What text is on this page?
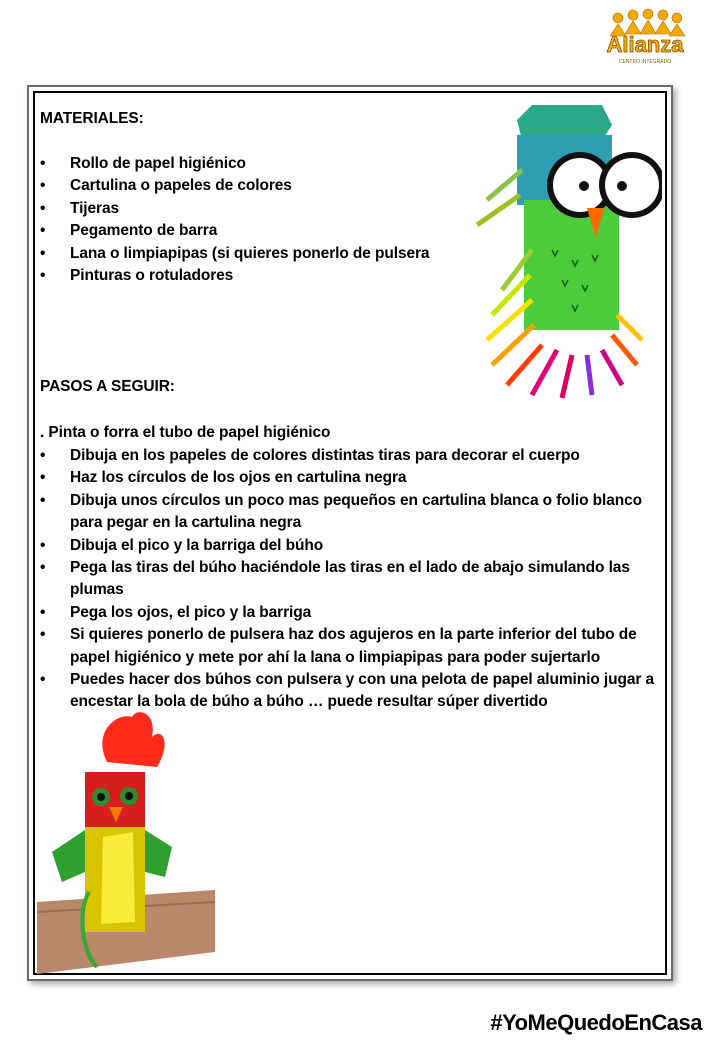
Alianza
CENTRO INTEGRADO
MATERIALES:
• Rollo de papel higiénico
• Cartulina o papeles de colores
• Tijeras
• Pegamento de barra
• Lana o limpiapipas (si quieres ponerlo de pulsera
• Pinturas o rotuladores
PASOS A SEGUIR:
. Pinta o forra el tubo de papel higiénico
• Dibuja en los papeles de colores distintas tiras para decorar el cuerpo
• Haz los círculos de los ojos en cartulina negra
• Dibuja unos círculos un poco mas pequeños en cartulina blanca o folio blanco para pegar en la cartulina negra
• Dibuja el pico y la barriga del búho
• Pega las tiras del búho haciéndole las tiras en el lado de abajo simulando las plumas
• Pega los ojos, el pico y la barriga
• Si quieres ponerlo de pulsera haz dos agujeros en la parte inferior del tubo de papel higiénico y mete por ahí la lana o limpiapipas para poder sujertarlo
• Puedes hacer dos búhos con pulsera y con una pelota de papel aluminio jugar a encestar la bola de búho a búho … puede resultar súper divertido
#YoMeQuedoEnCasa
